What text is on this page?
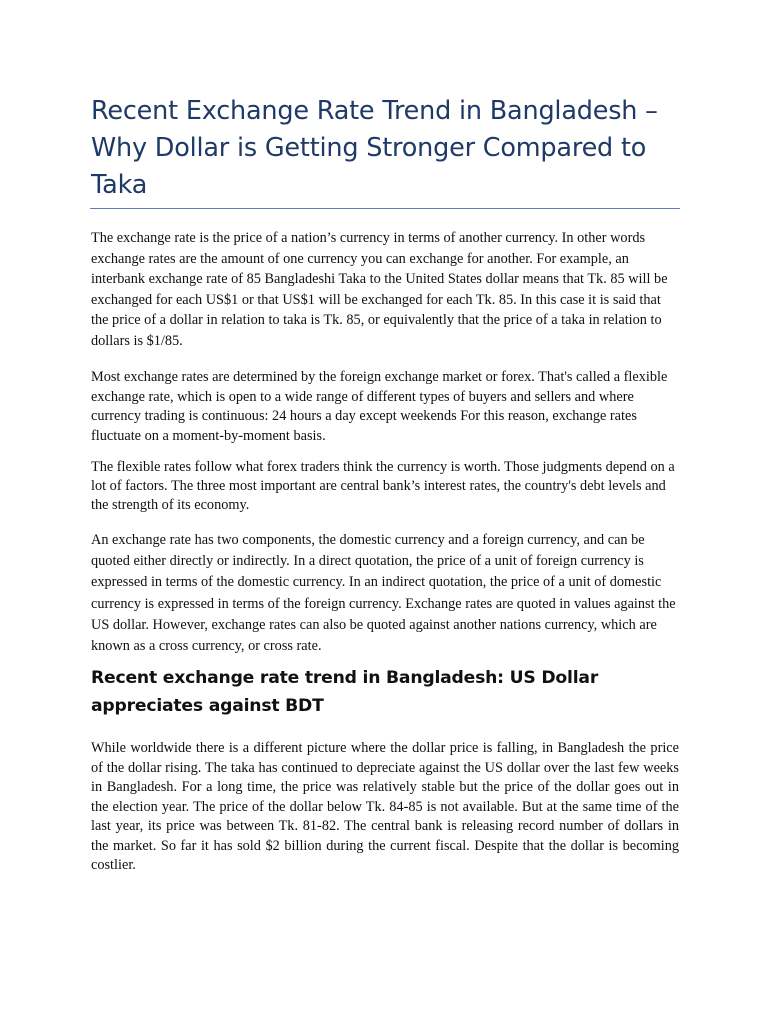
Recent Exchange Rate Trend in Bangladesh – Why Dollar is Getting Stronger Compared to Taka

The exchange rate is the price of a nation’s currency in terms of another currency. In other words exchange rates are the amount of one currency you can exchange for another. For example, an interbank exchange rate of 85 Bangladeshi Taka to the United States dollar means that Tk. 85 will be exchanged for each US$1 or that US$1 will be exchanged for each Tk. 85. In this case it is said that the price of a dollar in relation to taka is Tk. 85, or equivalently that the price of a taka in relation to dollars is $1/85.

Most exchange rates are determined by the foreign exchange market or forex. That's called a flexible exchange rate, which is open to a wide range of different types of buyers and sellers and where currency trading is continuous: 24 hours a day except weekends For this reason, exchange rates fluctuate on a moment-by-moment basis.

The flexible rates follow what forex traders think the currency is worth. Those judgments depend on a lot of factors. The three most important are central bank’s interest rates, the country's debt levels and the strength of its economy.

An exchange rate has two components, the domestic currency and a foreign currency, and can be quoted either directly or indirectly. In a direct quotation, the price of a unit of foreign currency is expressed in terms of the domestic currency. In an indirect quotation, the price of a unit of domestic currency is expressed in terms of the foreign currency. Exchange rates are quoted in values against the US dollar. However, exchange rates can also be quoted against another nations currency, which are known as a cross currency, or cross rate.

Recent exchange rate trend in Bangladesh: US Dollar appreciates against BDT

While worldwide there is a different picture where the dollar price is falling, in Bangladesh the price of the dollar rising. The taka has continued to depreciate against the US dollar over the last few weeks in Bangladesh. For a long time, the price was relatively stable but the price of the dollar goes out in the election year. The price of the dollar below Tk. 84-85 is not available. But at the same time of the last year, its price was between Tk. 81-82. The central bank is releasing record number of dollars in the market. So far it has sold $2 billion during the current fiscal. Despite that the dollar is becoming costlier.
